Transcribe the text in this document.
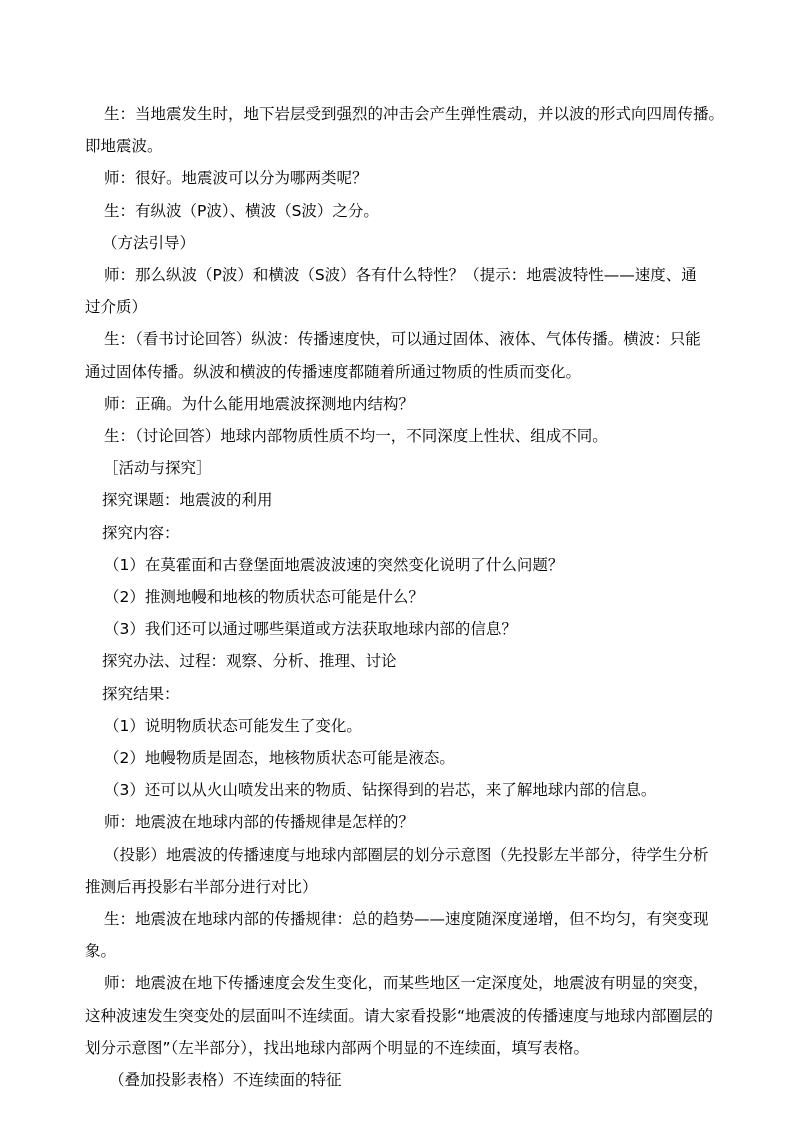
生：当地震发生时，地下岩层受到强烈的冲击会产生弹性震动，并以波的形式向四周传播。
即地震波。

师：很好。地震波可以分为哪两类呢？

生：有纵波（P波）、横波（S波）之分。

（方法引导）

师：那么纵波（P波）和横波（S波）各有什么特性？（提示：地震波特性——速度、通
过介质）

生：（看书讨论回答）纵波：传播速度快，可以通过固体、液体、气体传播。横波：只能
通过固体传播。纵波和横波的传播速度都随着所通过物质的性质而变化。

师：正确。为什么能用地震波探测地内结构？

生：（讨论回答）地球内部物质性质不均一，不同深度上性状、组成不同。

［活动与探究］

探究课题：地震波的利用

探究内容：

（1）在莫霍面和古登堡面地震波波速的突然变化说明了什么问题？

（2）推测地幔和地核的物质状态可能是什么？

（3）我们还可以通过哪些渠道或方法获取地球内部的信息？

探究办法、过程：观察、分析、推理、讨论

探究结果：

（1）说明物质状态可能发生了变化。

（2）地幔物质是固态，地核物质状态可能是液态。

（3）还可以从火山喷发出来的物质、钻探得到的岩芯，来了解地球内部的信息。

师：地震波在地球内部的传播规律是怎样的？

（投影）地震波的传播速度与地球内部圈层的划分示意图（先投影左半部分，待学生分析
推测后再投影右半部分进行对比）

生：地震波在地球内部的传播规律：总的趋势——速度随深度递增，但不均匀，有突变现
象。

师：地震波在地下传播速度会发生变化，而某些地区一定深度处，地震波有明显的突变，
这种波速发生突变处的层面叫不连续面。请大家看投影“地震波的传播速度与地球内部圈层的
划分示意图”（左半部分），找出地球内部两个明显的不连续面，填写表格。

（叠加投影表格）不连续面的特征
